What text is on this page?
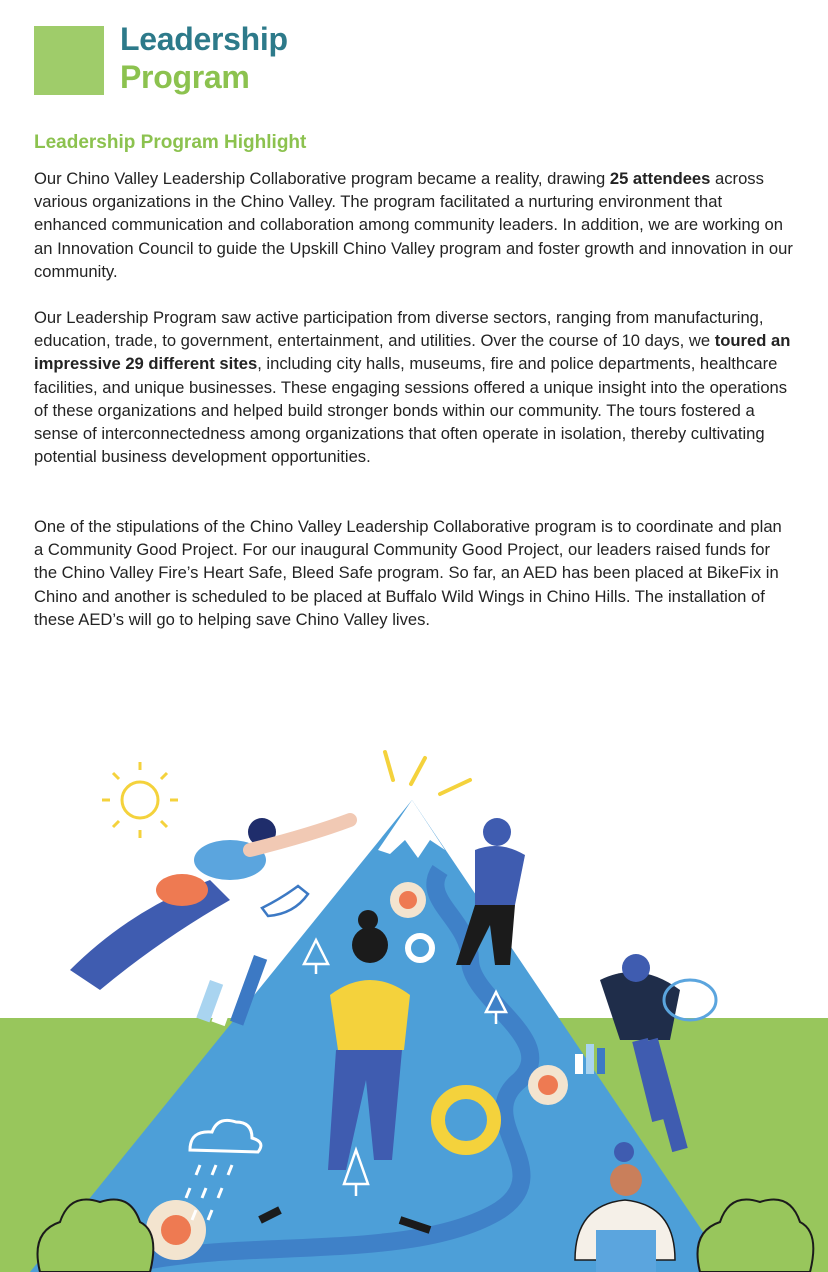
Leadership
Program
Leadership Program Highlight

Our Chino Valley Leadership Collaborative program became a reality, drawing 25 attendees across various organizations in the Chino Valley. The program facilitated a nurturing environment that enhanced communication and collaboration among community leaders. In addition, we are working on an Innovation Council to guide the Upskill Chino Valley program and foster growth and innovation in our community.

Our Leadership Program saw active participation from diverse sectors, ranging from manufacturing, education, trade, to government, entertainment, and utilities. Over the course of 10 days, we toured an impressive 29 different sites, including city halls, museums, fire and police departments, healthcare facilities, and unique businesses. These engaging sessions offered a unique insight into the operations of these organizations and helped build stronger bonds within our community. The tours fostered a sense of interconnectedness among organizations that often operate in isolation, thereby cultivating potential business development opportunities.

One of the stipulations of the Chino Valley Leadership Collaborative program is to coordinate and plan a Community Good Project. For our inaugural Community Good Project, our leaders raised funds for the Chino Valley Fire’s Heart Safe, Bleed Safe program. So far, an AED has been placed at BikeFix in Chino and another is scheduled to be placed at Buffalo Wild Wings in Chino Hills. The installation of these AED’s will go to helping save Chino Valley lives.
